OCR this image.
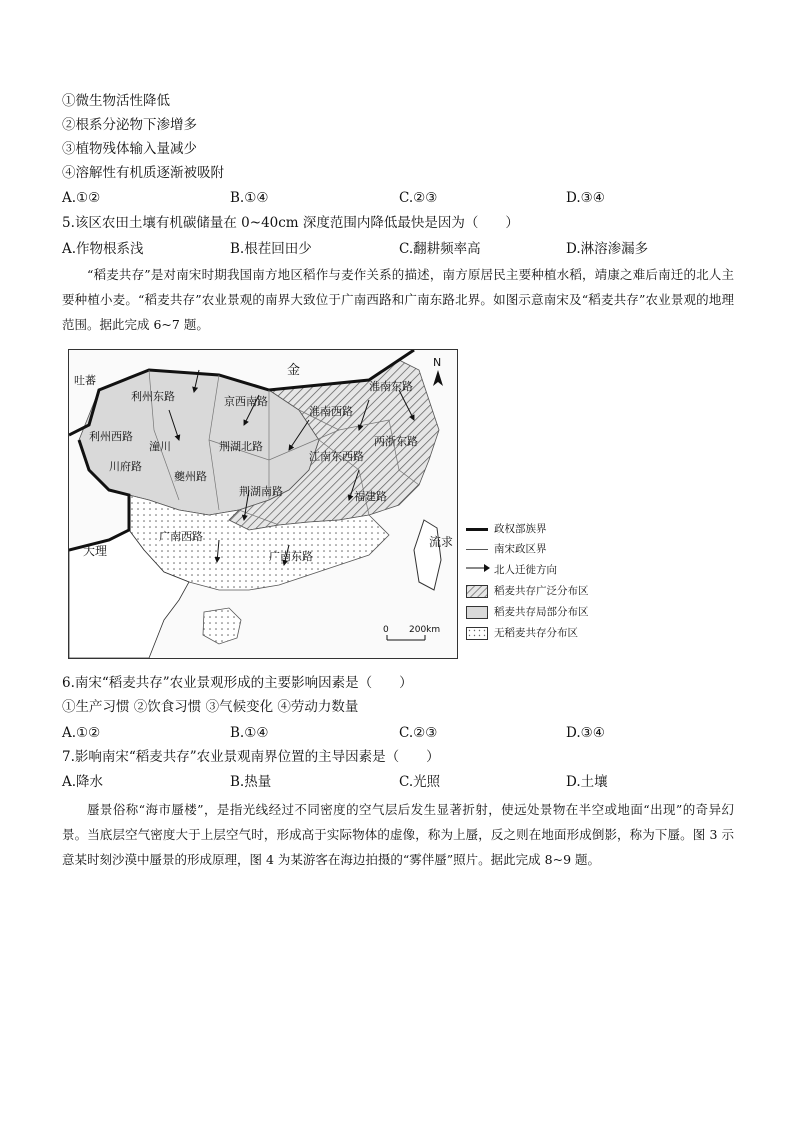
①微生物活性降低
②根系分泌物下渗增多
③植物残体输入量减少
④溶解性有机质逐渐被吸附
A.①②	B.①④	C.②③	D.③④
5.该区农田土壤有机碳储量在 0~40cm 深度范围内降低最快是因为（　　）
A.作物根系浅	B.根茬回田少	C.翻耕频率高	D.淋溶渗漏多
“稻麦共存”是对南宋时期我国南方地区稻作与麦作关系的描述，南方原居民主要种植水稻，靖康之难后南迁的北人主要种植小麦。“稻麦共存”农业景观的南界大致位于广南西路和广南东路北界。如图示意南宋及“稻麦共存”农业景观的地理范围。据此完成 6~7 题。
吐蕃
金
大理
流求
利州东路
利州西路
川府路
潼川
夔州路
京西南路
荆湖北路
荆湖南路
淮南西路
淮南东路
江南东西路
两浙东路
福建路
广南西路
广南东路
N
0 200km
政权部族界
南宋政区界
北人迁徙方向
稻麦共存广泛分布区
稻麦共存局部分布区
无稻麦共存分布区
6.南宋“稻麦共存”农业景观形成的主要影响因素是（　　）
①生产习惯 ②饮食习惯 ③气候变化 ④劳动力数量
A.①②	B.①④	C.②③	D.③④
7.影响南宋“稻麦共存”农业景观南界位置的主导因素是（　　）
A.降水	B.热量	C.光照	D.土壤
蜃景俗称“海市蜃楼”，是指光线经过不同密度的空气层后发生显著折射，使远处景物在半空或地面“出现”的奇异幻景。当底层空气密度大于上层空气时，形成高于实际物体的虚像，称为上蜃，反之则在地面形成倒影，称为下蜃。图 3 示意某时刻沙漠中蜃景的形成原理，图 4 为某游客在海边拍摄的“雾伴蜃”照片。据此完成 8~9 题。
